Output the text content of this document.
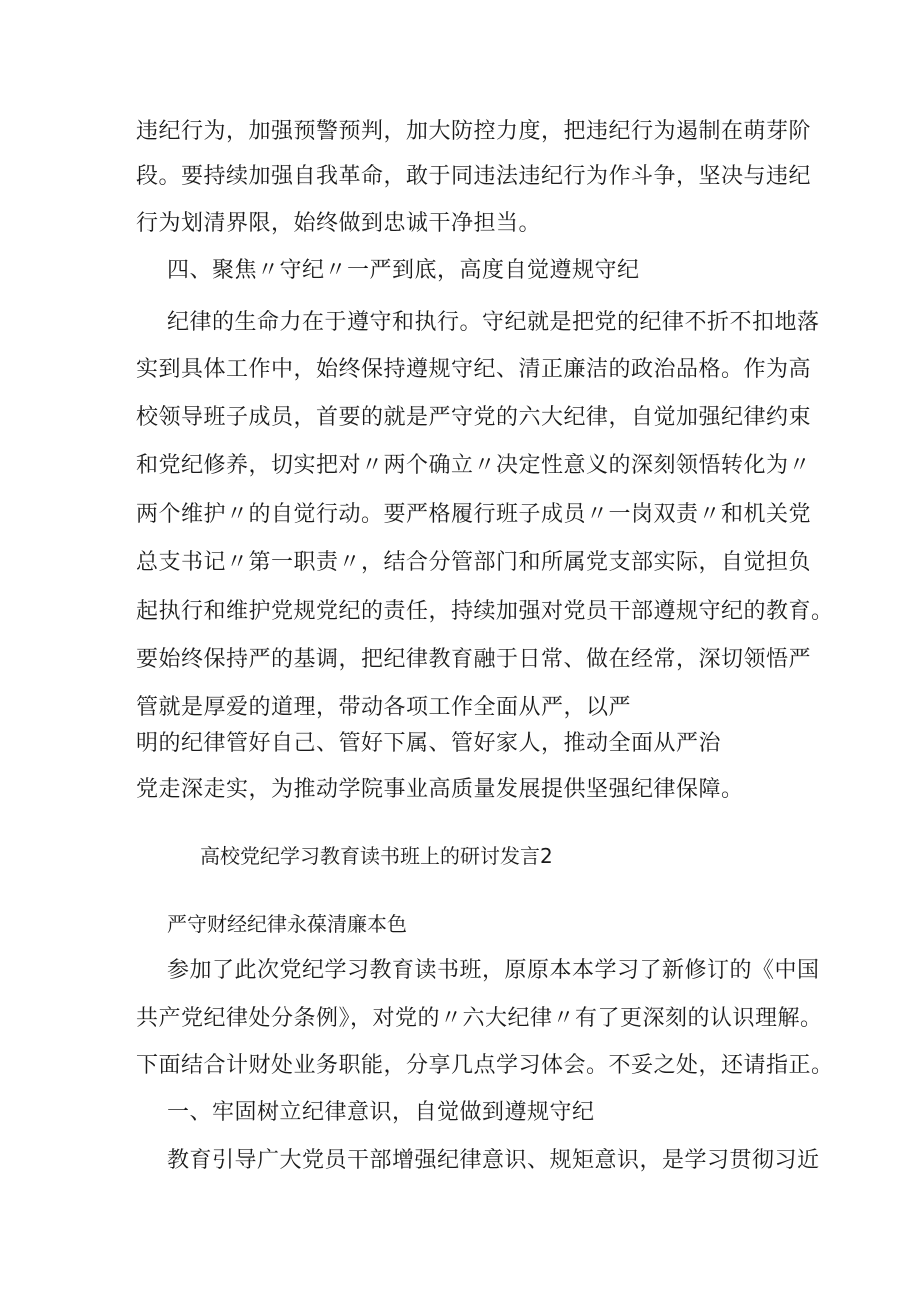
违纪行为，加强预警预判，加大防控力度，把违纪行为遏制在萌芽阶
段。要持续加强自我革命，敢于同违法违纪行为作斗争，坚决与违纪
行为划清界限，始终做到忠诚干净担当。
四、聚焦〃守纪〃一严到底，高度自觉遵规守纪
纪律的生命力在于遵守和执行。守纪就是把党的纪律不折不扣地落
实到具体工作中，始终保持遵规守纪、清正廉洁的政治品格。作为高
校领导班子成员，首要的就是严守党的六大纪律，自觉加强纪律约束
和党纪修养，切实把对〃两个确立〃决定性意义的深刻领悟转化为〃
两个维护〃的自觉行动。要严格履行班子成员〃一岗双责〃和机关党
总支书记〃第一职责〃，结合分管部门和所属党支部实际，自觉担负
起执行和维护党规党纪的责任，持续加强对党员干部遵规守纪的教育。
要始终保持严的基调，把纪律教育融于日常、做在经常，深切领悟严
管就是厚爱的道理，带动各项工作全面从严，以严
明的纪律管好自己、管好下属、管好家人，推动全面从严治
党走深走实，为推动学院事业高质量发展提供坚强纪律保障。
高校党纪学习教育读书班上的研讨发言2
严守财经纪律永葆清廉本色
参加了此次党纪学习教育读书班，原原本本学习了新修订的《中国
共产党纪律处分条例》，对党的〃六大纪律〃有了更深刻的认识理解。
下面结合计财处业务职能，分享几点学习体会。不妥之处，还请指正。
一、牢固树立纪律意识，自觉做到遵规守纪
教育引导广大党员干部增强纪律意识、规矩意识，是学习贯彻习近
